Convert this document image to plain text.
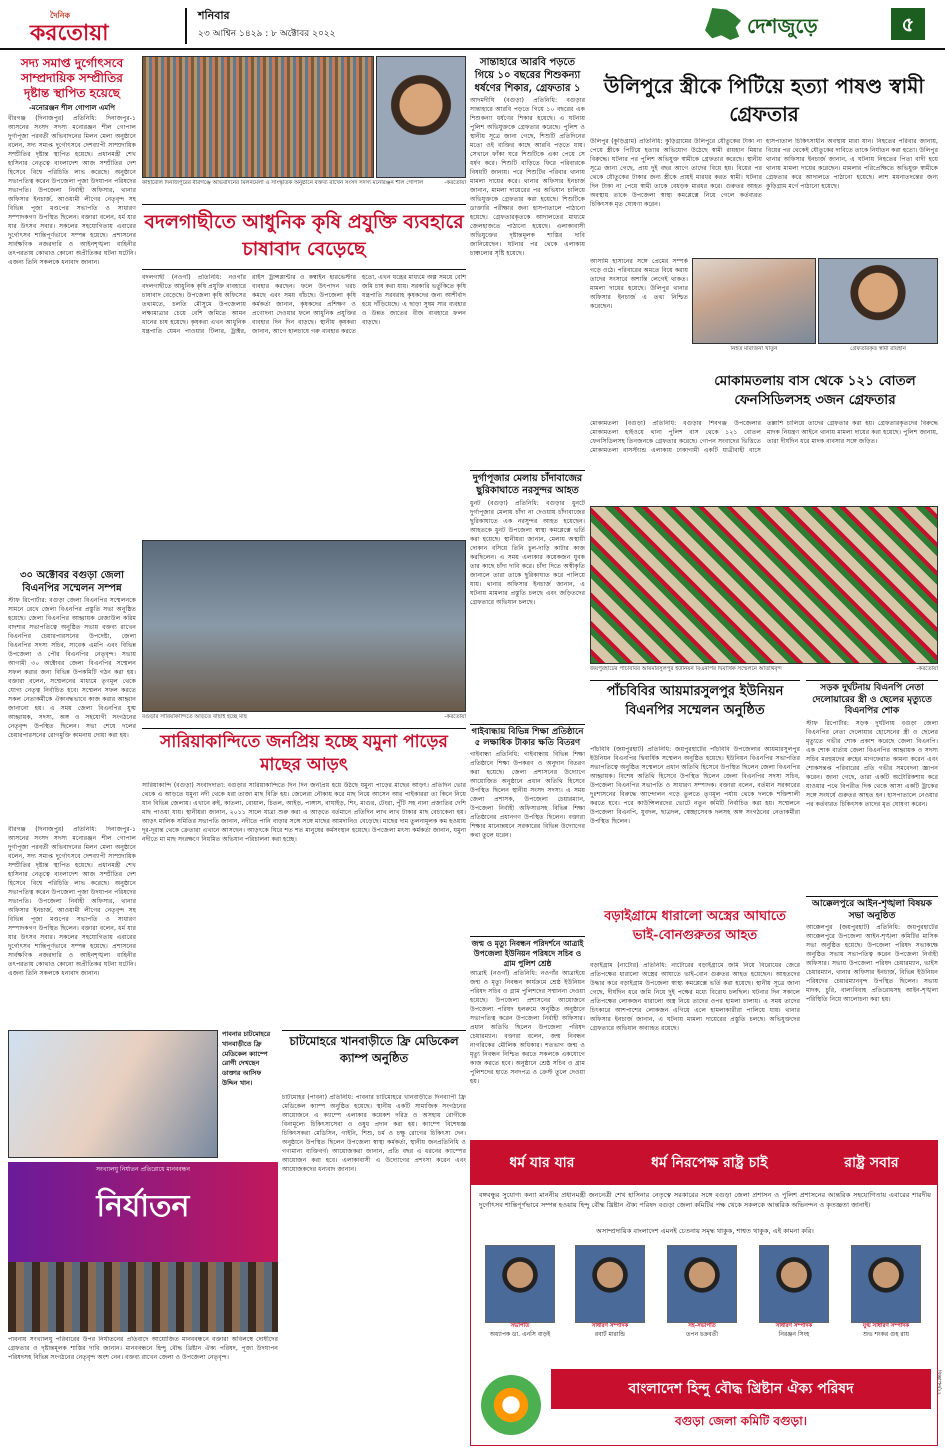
দৈনিক
করতোয়া
শনিবার
২৩ আশ্বিন ১৪২৯ : ৮ অক্টোবর ২০২২	দেশজুড়ে	৫
সদ্য সমাপ্ত দুর্গোৎসবে সাম্প্রদায়িক সম্প্রীতির দৃষ্টান্ত স্থাপিত হয়েছে
-মনোরঞ্জন শীল গোপাল এমপি
বীরগঞ্জ (দিনাজপুর) প্রতিনিধি: দিনাজপুর-১ আসনের সংসদ সদস্য মনোরঞ্জন শীল গোপাল দুর্গাপূজা পরবর্তী অভিবাদনের মিলন মেলা অনুষ্ঠানে বলেন, সদ্য সমাপ্ত দুর্গোৎসবে দেশব্যাপী সাম্প্রদায়িক সম্প্রীতির দৃষ্টান্ত স্থাপিত হয়েছে। প্রধানমন্ত্রী শেখ হাসিনার নেতৃত্বে বাংলাদেশ আজ সম্প্রীতির দেশ হিসেবে বিশ্বে পরিচিতি লাভ করেছে। অনুষ্ঠানে সভাপতিত্ব করেন উপজেলা পূজা উদযাপন পরিষদের সভাপতি। উপজেলা নির্বাহী অফিসার, থানার অফিসার ইনচার্জ, আওয়ামী লীগের নেতৃবৃন্দ সহ বিভিন্ন পূজা মণ্ডপের সভাপতি ও সাধারণ সম্পাদকগণ উপস্থিত ছিলেন। বক্তারা বলেন, ধর্ম যার যার উৎসব সবার। সকলের সহযোগিতায় এবারের দুর্গোৎসব শান্তিপূর্ণভাবে সম্পন্ন হয়েছে। প্রশাসনের সার্বক্ষণিক নজরদারি ও আইনশৃঙ্খলা বাহিনীর তৎপরতায় কোথাও কোনো অপ্রীতিকর ঘটনা ঘটেনি। এজন্য তিনি সকলকে ধন্যবাদ জানান।
কাহারোল দিনাজপুরের বীরগঞ্জে অভিবাদনের মিলনমেলা ও সাংস্কৃতিক অনুষ্ঠানে বক্তব্য রাখেন সংসদ সদস্য মনোরঞ্জন শীল গোপাল	-করতোয়া
বদলগাছীতে আধুনিক কৃষি প্রযুক্তি ব্যবহারে চাষাবাদ বেড়েছে
বদলগাছী (নওগাঁ) প্রতিনিধি: নওগাঁর বদলগাছীতে আধুনিক কৃষি প্রযুক্তি ব্যবহারে চাষাবাদ বেড়েছে। উপজেলা কৃষি অফিসের তথ্যমতে, চলতি মৌসুমে উপজেলায় লক্ষ্যমাত্রার চেয়ে বেশি জমিতে আমন ধানের চাষ হয়েছে। কৃষকরা এখন আধুনিক যন্ত্রপাতি যেমন পাওয়ার টিলার, ট্রাক্টর, রাইস ট্রান্সপ্লান্টার ও কম্বাইন হারভেস্টার ব্যবহার করছেন। ফলে উৎপাদন খরচ কমছে এবং সময় বাঁচছে। উপজেলা কৃষি কর্মকর্তা জানান, কৃষকদের প্রশিক্ষণ ও প্রণোদনা দেওয়ার ফলে আধুনিক প্রযুক্তির ব্যবহার দিন দিন বাড়ছে। স্থানীয় কৃষকরা জানান, আগে হালচাষে গরু ব্যবহার করতে হতো, এখন যন্ত্রের মাধ্যমে অল্প সময়ে বেশি জমি চাষ করা যায়। সরকারি ভর্তুকিতে কৃষি যন্ত্রপাতি সরবরাহ কৃষকদের জন্য আশীর্বাদ হয়ে দাঁড়িয়েছে। এ ছাড়া সুষম সার ব্যবহার ও উন্নত জাতের বীজ ব্যবহারে ফলন বাড়ছে।
৩০ অক্টোবর বগুড়া জেলা বিএনপির সম্মেলন সম্পন্ন
স্টাফ রিপোর্টার: বগুড়া জেলা বিএনপির সম্মেলনকে সামনে রেখে জেলা বিএনপির প্রস্তুতি সভা অনুষ্ঠিত হয়েছে। জেলা বিএনপির আহ্বায়ক রেজাউল করিম বাদশার সভাপতিত্বে অনুষ্ঠিত সভায় বক্তব্য রাখেন বিএনপির চেয়ারপারসনের উপদেষ্টা, জেলা বিএনপির সদস্য সচিব, সাবেক এমপি এবং বিভিন্ন উপজেলা ও পৌর বিএনপির নেতৃবৃন্দ। সভায় আগামী ৩০ অক্টোবর জেলা বিএনপির সম্মেলন সফল করার জন্য বিভিন্ন উপকমিটি গঠন করা হয়। বক্তারা বলেন, সম্মেলনের মাধ্যমে তৃণমূল থেকে যোগ্য নেতৃত্ব নির্বাচিত হবে। সম্মেলন সফল করতে সকল নেতাকর্মীকে ঐক্যবদ্ধভাবে কাজ করার আহ্বান জানানো হয়। এ সময় জেলা বিএনপির যুগ্ম আহ্বায়ক, সদস্য, অঙ্গ ও সহযোগী সংগঠনের নেতৃবৃন্দ উপস্থিত ছিলেন। সভা শেষে দলের চেয়ারপারসনের রোগমুক্তি কামনায় দোয়া করা হয়।
বগুড়ার সারিয়াকান্দিতে আড়তে বাছাই হচ্ছে মাছ	-করতোয়া
সারিয়াকান্দিতে জনপ্রিয় হচ্ছে যমুনা পাড়ের মাছের আড়ৎ
সারিয়াকান্দি (বগুড়া) সংবাদদাতা: বগুড়ার সারিয়াকান্দিতে দিন দিন জনপ্রিয় হয়ে উঠছে যমুনা পাড়ের মাছের আড়ৎ। প্রতিদিন ভোর থেকে এ আড়তে যমুনা নদী থেকে ধরা তাজা মাছ বিক্রি হয়। জেলেরা নৌকায় করে মাছ নিয়ে আসেন আর পাইকাররা তা কিনে নিয়ে যান বিভিন্ন জেলায়। এখানে রুই, কাতলা, বোয়াল, চিতল, আইড়, পাঙ্গাস, বাঘাইড়, শিং, মাগুর, টেংরা, পুঁটি সহ নানা প্রজাতির দেশি মাছ পাওয়া যায়। স্থানীয়রা জানান, ২০১১ সালে যাত্রা শুরু করা এ আড়তে বর্তমানে প্রতিদিন লাখ লাখ টাকার মাছ বেচাকেনা হয়। আড়ৎ মালিক সমিতির সভাপতি জানান, নদীতে পানি বাড়ার সঙ্গে সঙ্গে মাছের আমদানিও বেড়েছে। মাছের দাম তুলনামূলক কম হওয়ায় দূর-দূরান্ত থেকে ক্রেতারা এখানে আসছেন। আড়ৎকে ঘিরে শত শত মানুষের কর্মসংস্থান হয়েছে। উপজেলা মৎস্য কর্মকর্তা জানান, যমুনা নদীতে মা মাছ সংরক্ষণে নিয়মিত অভিযান পরিচালনা করা হচ্ছে।
বীরগঞ্জ (দিনাজপুর) প্রতিনিধি: দিনাজপুর-১ আসনের সংসদ সদস্য মনোরঞ্জন শীল গোপাল দুর্গাপূজা পরবর্তী অভিবাদনের মিলন মেলা অনুষ্ঠানে বলেন, সদ্য সমাপ্ত দুর্গোৎসবে দেশব্যাপী সাম্প্রদায়িক সম্প্রীতির দৃষ্টান্ত স্থাপিত হয়েছে। প্রধানমন্ত্রী শেখ হাসিনার নেতৃত্বে বাংলাদেশ আজ সম্প্রীতির দেশ হিসেবে বিশ্বে পরিচিতি লাভ করেছে। অনুষ্ঠানে সভাপতিত্ব করেন উপজেলা পূজা উদযাপন পরিষদের সভাপতি। উপজেলা নির্বাহী অফিসার, থানার অফিসার ইনচার্জ, আওয়ামী লীগের নেতৃবৃন্দ সহ বিভিন্ন পূজা মণ্ডপের সভাপতি ও সাধারণ সম্পাদকগণ উপস্থিত ছিলেন। বক্তারা বলেন, ধর্ম যার যার উৎসব সবার। সকলের সহযোগিতায় এবারের দুর্গোৎসব শান্তিপূর্ণভাবে সম্পন্ন হয়েছে। প্রশাসনের সার্বক্ষণিক নজরদারি ও আইনশৃঙ্খলা বাহিনীর তৎপরতায় কোথাও কোনো অপ্রীতিকর ঘটনা ঘটেনি। এজন্য তিনি সকলকে ধন্যবাদ জানান।
সান্তাহারে আরবি পড়তে গিয়ে ১০ বছরের শিশুকন্যা ধর্ষণের শিকার, গ্রেফতার ১
আদমদীঘি (বগুড়া) প্রতিনিধি: বগুড়ার সান্তাহারে আরবি পড়তে গিয়ে ১০ বছরের এক শিশুকন্যা ধর্ষণের শিকার হয়েছে। এ ঘটনায় পুলিশ অভিযুক্তকে গ্রেফতার করেছে। পুলিশ ও স্থানীয় সূত্রে জানা গেছে, শিশুটি প্রতিদিনের মতো ওই ব্যক্তির কাছে আরবি পড়তে যায়। সেখানে ফাঁকা ঘরে শিশুটিকে একা পেয়ে সে ধর্ষণ করে। শিশুটি বাড়িতে ফিরে পরিবারকে বিষয়টি জানায়। পরে শিশুটির পরিবার থানায় মামলা দায়ের করে। থানার অফিসার ইনচার্জ জানান, মামলা দায়েরের পর অভিযান চালিয়ে অভিযুক্তকে গ্রেফতার করা হয়েছে। শিশুটিকে ডাক্তারি পরীক্ষার জন্য হাসপাতালে পাঠানো হয়েছে। গ্রেফতারকৃতকে আদালতের মাধ্যমে জেলহাজতে পাঠানো হয়েছে। এলাকাবাসী অভিযুক্তের দৃষ্টান্তমূলক শাস্তির দাবি জানিয়েছেন। ঘটনার পর থেকে এলাকায় চাঞ্চল্যের সৃষ্টি হয়েছে।
দুর্গাপূজার মেলায় চাঁদাবাজের ছুরিকাঘাতে নরসুন্দর আহত
ধুনট (বগুড়া) প্রতিনিধি: বগুড়ার ধুনটে দুর্গাপূজার মেলায় চাঁদা না দেওয়ায় চাঁদাবাজের ছুরিকাঘাতে এক নরসুন্দর আহত হয়েছেন। আহতকে ধুনট উপজেলা স্বাস্থ্য কমপ্লেক্সে ভর্তি করা হয়েছে। স্থানীয়রা জানান, মেলায় অস্থায়ী দোকান বসিয়ে তিনি চুল-দাড়ি কাটার কাজ করছিলেন। এ সময় এলাকার কয়েকজন যুবক তার কাছে চাঁদা দাবি করে। চাঁদা দিতে অস্বীকৃতি জানালে তারা তাকে ছুরিকাঘাত করে পালিয়ে যায়। থানার অফিসার ইনচার্জ জানান, এ ঘটনায় মামলার প্রস্তুতি চলছে এবং জড়িতদের গ্রেফতারে অভিযান চলছে।
গাইবান্ধায় বিভিন্ন শিক্ষা প্রতিষ্ঠানে ৫ লক্ষাধিক টাকার ক্ষতি বিতরণ
গাইবান্ধা প্রতিনিধি: গাইবান্ধায় বিভিন্ন শিক্ষা প্রতিষ্ঠানে শিক্ষা উপকরণ ও অনুদান বিতরণ করা হয়েছে। জেলা প্রশাসনের উদ্যোগে আয়োজিত অনুষ্ঠানে প্রধান অতিথি হিসেবে উপস্থিত ছিলেন স্থানীয় সংসদ সদস্য। এ সময় জেলা প্রশাসক, উপজেলা চেয়ারম্যান, উপজেলা নির্বাহী অফিসারসহ বিভিন্ন শিক্ষা প্রতিষ্ঠানের প্রধানগণ উপস্থিত ছিলেন। বক্তারা শিক্ষার মানোন্নয়নে সরকারের বিভিন্ন উদ্যোগের কথা তুলে ধরেন।
জন্ম ও মৃত্যু নিবন্ধন পরিদর্শনে আত্রাই উপজেলা ইউনিয়ন পরিষদে সচিব ও গ্রাম পুলিশ শ্রেষ্ঠ
আত্রাই (নওগাঁ) প্রতিনিধি: নওগাঁর আত্রাইয়ে জন্ম ও মৃত্যু নিবন্ধন কার্যক্রমে শ্রেষ্ঠ ইউনিয়ন পরিষদ সচিব ও গ্রাম পুলিশদের সম্মাননা দেওয়া হয়েছে। উপজেলা প্রশাসনের আয়োজনে উপজেলা পরিষদ হলরুমে অনুষ্ঠিত অনুষ্ঠানে সভাপতিত্ব করেন উপজেলা নির্বাহী অফিসার। প্রধান অতিথি ছিলেন উপজেলা পরিষদ চেয়ারম্যান। বক্তারা বলেন, জন্ম নিবন্ধন নাগরিকের মৌলিক অধিকার। শতভাগ জন্ম ও মৃত্যু নিবন্ধন নিশ্চিত করতে সকলকে একযোগে কাজ করতে হবে। অনুষ্ঠানে শ্রেষ্ঠ সচিব ও গ্রাম পুলিশদের হাতে সনদপত্র ও ক্রেস্ট তুলে দেওয়া হয়।
উলিপুরে স্ত্রীকে পিটিয়ে হত্যা পাষণ্ড স্বামী গ্রেফতার
উলিপুর (কুড়িগ্রাম) প্রতিনিধি: কুড়িগ্রামের উলিপুরে যৌতুকের টাকা না পেয়ে স্ত্রীকে পিটিয়ে হত্যার অভিযোগ উঠেছে স্বামী রায়হান মিয়ার বিরুদ্ধে। ঘটনার পর পুলিশ অভিযুক্ত স্বামীকে গ্রেফতার করেছে। স্থানীয় সূত্রে জানা গেছে, প্রায় দুই বছর আগে তাদের বিয়ে হয়। বিয়ের পর থেকে যৌতুকের টাকার জন্য স্ত্রীকে প্রায়ই মারধর করত স্বামী। ঘটনার দিন টাকা না পেয়ে স্বামী তাকে বেধড়ক মারধর করে। গুরুতর আহত অবস্থায় তাকে উপজেলা স্বাস্থ্য কমপ্লেক্সে নিয়ে গেলে কর্তব্যরত চিকিৎসক মৃত ঘোষণা করেন।
হাসপাতাল চিকিৎসাধীন অবস্থায় মারা যান। নিহতের পরিবার জানায়, বিয়ের পর থেকেই যৌতুকের দাবিতে তাকে নির্যাতন করা হতো। উলিপুর থানার অফিসার ইনচার্জ জানান, এ ঘটনায় নিহতের পিতা বাদী হয়ে থানায় মামলা দায়ের করেছেন। মামলার পরিপ্রেক্ষিতে অভিযুক্ত স্বামীকে গ্রেফতার করে আদালতে পাঠানো হয়েছে। লাশ ময়নাতদন্তের জন্য কুড়িগ্রাম মর্গে পাঠানো হয়েছে।
নিহত মারজিনা খাতুন	গ্রেফতারকৃত স্বামী রায়হান
আসামি হাসানের সঙ্গে প্রেমের সম্পর্ক গড়ে ওঠে। পরিবারের অমতে বিয়ে করায় তাদের সংসারে অশান্তি লেগেই থাকত। মামলা দায়ের হয়েছে। উলিপুর থানার অফিসার ইনচার্জ এ তথ্য নিশ্চিত করেছেন।
মোকামতলায় বাস থেকে ১২১ বোতল ফেনসিডিলসহ ৩জন গ্রেফতার
মোকামতলা (বগুড়া) প্রতিনিধি: বগুড়ার শিবগঞ্জ উপজেলার মোকামতলা হাইওয়ে থানা পুলিশ বাস থেকে ১২১ বোতল ফেনসিডিলসহ তিনজনকে গ্রেফতার করেছে। গোপন সংবাদের ভিত্তিতে মোকামতলা বাসস্ট্যান্ড এলাকায় ঢাকাগামী একটি যাত্রীবাহী বাসে তল্লাশি চালিয়ে তাদের গ্রেফতার করা হয়। গ্রেফতারকৃতদের বিরুদ্ধে মাদক নিয়ন্ত্রণ আইনে থানায় মামলা দায়ের করা হয়েছে। পুলিশ জানায়, তারা দীর্ঘদিন ধরে মাদক ব্যবসার সঙ্গে জড়িত।
জয়পুরহাটের পাঁচবিবির আয়মারসুলপুর ইউনিয়ন বিএনপির দ্বিবার্ষিক সম্মেলনে অতিথিবৃন্দ	-করতোয়া
পাঁচবিবির আয়মারসুলপুর ইউনিয়ন বিএনপির সম্মেলন অনুষ্ঠিত
পাঁচবিবি (জয়পুরহাট) প্রতিনিধি: জয়পুরহাটের পাঁচবিবি উপজেলার আয়মারসুলপুর ইউনিয়ন বিএনপির দ্বিবার্ষিক সম্মেলন অনুষ্ঠিত হয়েছে। ইউনিয়ন বিএনপির সভাপতির সভাপতিত্বে অনুষ্ঠিত সম্মেলনে প্রধান অতিথি হিসেবে উপস্থিত ছিলেন জেলা বিএনপির আহ্বায়ক। বিশেষ অতিথি হিসেবে উপস্থিত ছিলেন জেলা বিএনপির সদস্য সচিব, উপজেলা বিএনপির সভাপতি ও সাধারণ সম্পাদক। বক্তারা বলেন, বর্তমান সরকারের দুঃশাসনের বিরুদ্ধে আন্দোলন গড়ে তুলতে তৃণমূল পর্যায় থেকে দলকে শক্তিশালী করতে হবে। পরে কাউন্সিলরদের ভোটে নতুন কমিটি নির্বাচিত করা হয়। সম্মেলনে উপজেলা বিএনপি, যুবদল, ছাত্রদল, স্বেচ্ছাসেবক দলসহ অঙ্গ সংগঠনের নেতাকর্মীরা উপস্থিত ছিলেন।
সড়ক দুর্ঘটনায় বিএনপি নেতা দেলোয়ারের স্ত্রী ও ছেলের মৃত্যুতে বিএনপির শোক
স্টাফ রিপোর্টার: সড়ক দুর্ঘটনায় বগুড়া জেলা বিএনপির নেতা দেলোয়ার হোসেনের স্ত্রী ও ছেলের মৃত্যুতে গভীর শোক প্রকাশ করেছে জেলা বিএনপি। এক শোক বার্তায় জেলা বিএনপির আহ্বায়ক ও সদস্য সচিব মরহুমদের রুহের মাগফেরাত কামনা করেন এবং শোকসন্তপ্ত পরিবারের প্রতি গভীর সমবেদনা জ্ঞাপন করেন। জানা গেছে, তারা একটি অটোরিকশায় করে যাওয়ার পথে বিপরীত দিক থেকে আসা একটি ট্রাকের সঙ্গে সংঘর্ষে গুরুতর আহত হন। হাসপাতালে নেওয়ার পর কর্তব্যরত চিকিৎসক তাদের মৃত ঘোষণা করেন।
আক্কেলপুরে আইন-শৃঙ্খলা বিষয়ক সভা অনুষ্ঠিত
আক্কেলপুর (জয়পুরহাট) প্রতিনিধি: জয়পুরহাটের আক্কেলপুরে উপজেলা আইন-শৃঙ্খলা কমিটির মাসিক সভা অনুষ্ঠিত হয়েছে। উপজেলা পরিষদ সভাকক্ষে অনুষ্ঠিত সভায় সভাপতিত্ব করেন উপজেলা নির্বাহী অফিসার। সভায় উপজেলা পরিষদ চেয়ারম্যান, ভাইস চেয়ারম্যান, থানার অফিসার ইনচার্জ, বিভিন্ন ইউনিয়ন পরিষদের চেয়ারম্যানবৃন্দ উপস্থিত ছিলেন। সভায় মাদক, চুরি, বাল্যবিবাহ প্রতিরোধসহ আইন-শৃঙ্খলা পরিস্থিতি নিয়ে আলোচনা করা হয়।
বড়াইগ্রামে ধারালো অস্ত্রের আঘাতে ভাই-বোনগুরুতর আহত
বড়াইগ্রাম (নাটোর) প্রতিনিধি: নাটোরের বড়াইগ্রামে জমি নিয়ে বিরোধের জেরে প্রতিপক্ষের ধারালো অস্ত্রের আঘাতে ভাই-বোন গুরুতর আহত হয়েছেন। আহতদের উদ্ধার করে বড়াইগ্রাম উপজেলা স্বাস্থ্য কমপ্লেক্সে ভর্তি করা হয়েছে। স্থানীয় সূত্রে জানা গেছে, দীর্ঘদিন ধরে জমি নিয়ে দুই পক্ষের মধ্যে বিরোধ চলছিল। ঘটনার দিন সকালে প্রতিপক্ষের লোকজন ধারালো অস্ত্র নিয়ে তাদের ওপর হামলা চালায়। এ সময় তাদের চিৎকারে আশপাশের লোকজন এগিয়ে এলে হামলাকারীরা পালিয়ে যায়। থানার অফিসার ইনচার্জ জানান, এ ঘটনায় মামলা দায়েরের প্রস্তুতি চলছে। অভিযুক্তদের গ্রেফতারে অভিযান অব্যাহত রয়েছে।
পাবনার চাটমোহরে খানবাড়ীতে ফ্রি মেডিকেল ক্যাম্পে রোগী দেখছেন ডাক্তার আসিফ উদ্দিন খান।
চাটমোহরে খানবাড়ীতে ফ্রি মেডিকেল ক্যাম্প অনুষ্ঠিত
চাটমোহর (পাবনা) প্রতিনিধি: পাবনার চাটমোহরে খানবাড়ীতে দিনব্যাপী ফ্রি মেডিকেল ক্যাম্প অনুষ্ঠিত হয়েছে। স্থানীয় একটি সামাজিক সংগঠনের আয়োজনে এ ক্যাম্পে এলাকার কয়েকশ দরিদ্র ও অসহায় রোগীকে বিনামূল্যে চিকিৎসাসেবা ও ওষুধ প্রদান করা হয়। ক্যাম্পে বিশেষজ্ঞ চিকিৎসকরা মেডিসিন, গাইনি, শিশু, চর্ম ও চক্ষু রোগের চিকিৎসা দেন। অনুষ্ঠানে উপস্থিত ছিলেন উপজেলা স্বাস্থ্য কর্মকর্তা, স্থানীয় জনপ্রতিনিধি ও গণ্যমান্য ব্যক্তিবর্গ। আয়োজকরা জানান, প্রতি বছর এ ধরনের ক্যাম্পের আয়োজন করা হবে। এলাকাবাসী এ উদ্যোগের প্রশংসা করেন এবং আয়োজকদের ধন্যবাদ জানান।
সংখ্যালঘু নির্যাতন প্রতিরোধে মানববন্ধন
নির্যাতন
পাবনায় সংখ্যালঘু পরিবারের উপর নির্যাতনের প্রতিবাদে আয়োজিত মানববন্ধনে বক্তারা অবিলম্বে দোষীদের গ্রেফতার ও দৃষ্টান্তমূলক শাস্তির দাবি জানান। মানববন্ধনে হিন্দু বৌদ্ধ খ্রিষ্টান ঐক্য পরিষদ, পূজা উদযাপন পরিষদসহ বিভিন্ন সংগঠনের নেতৃবৃন্দ অংশ নেন। বক্তব্য রাখেন জেলা ও উপজেলা নেতৃবৃন্দ।
ধর্ম যার যার	ধর্ম নিরপেক্ষ রাষ্ট্র চাই	রাষ্ট্র সবার
বঙ্গবন্ধুর সুযোগ্য কন্যা মাননীয় প্রধানমন্ত্রী জননেত্রী শেখ হাসিনার নেতৃত্বে সরকারের সঙ্গে বগুড়া জেলা প্রশাসন ও পুলিশ প্রশাসনের আন্তরিক সহযোগিতায় এবারের শারদীয় দুর্গোৎসব শান্তিপূর্ণভাবে সম্পন্ন হওয়ায় হিন্দু বৌদ্ধ খ্রিষ্টান ঐক্য পরিষদ বগুড়া জেলা কমিটির পক্ষ থেকে সকলকে আন্তরিক অভিনন্দন ও কৃতজ্ঞতা জানাই।
অসাম্প্রদায়িক বাংলাদেশ এমনই চেতনায় সমৃদ্ধ থাকুক, শাশ্বত থাকুক, এই কামনা করি।
সভাপতি
অধ্যাপক ডা. এনসি বাড়ই
সাধারণ সম্পাদক
রবার্ট মারান্ডি
সহ-সভাপতি
তপন চক্রবর্তী
সাধারণ সম্পাদক
নিরঞ্জন সিংহ
যুগ্ম সাধারণ সম্পাদক
শুভ শংকর গুহ রায়
বাংলাদেশ হিন্দু বৌদ্ধ খ্রিষ্টান ঐক্য পরিষদ
বগুড়া জেলা কমিটি বগুড়া।
বিজ্ঞাপন/২২
